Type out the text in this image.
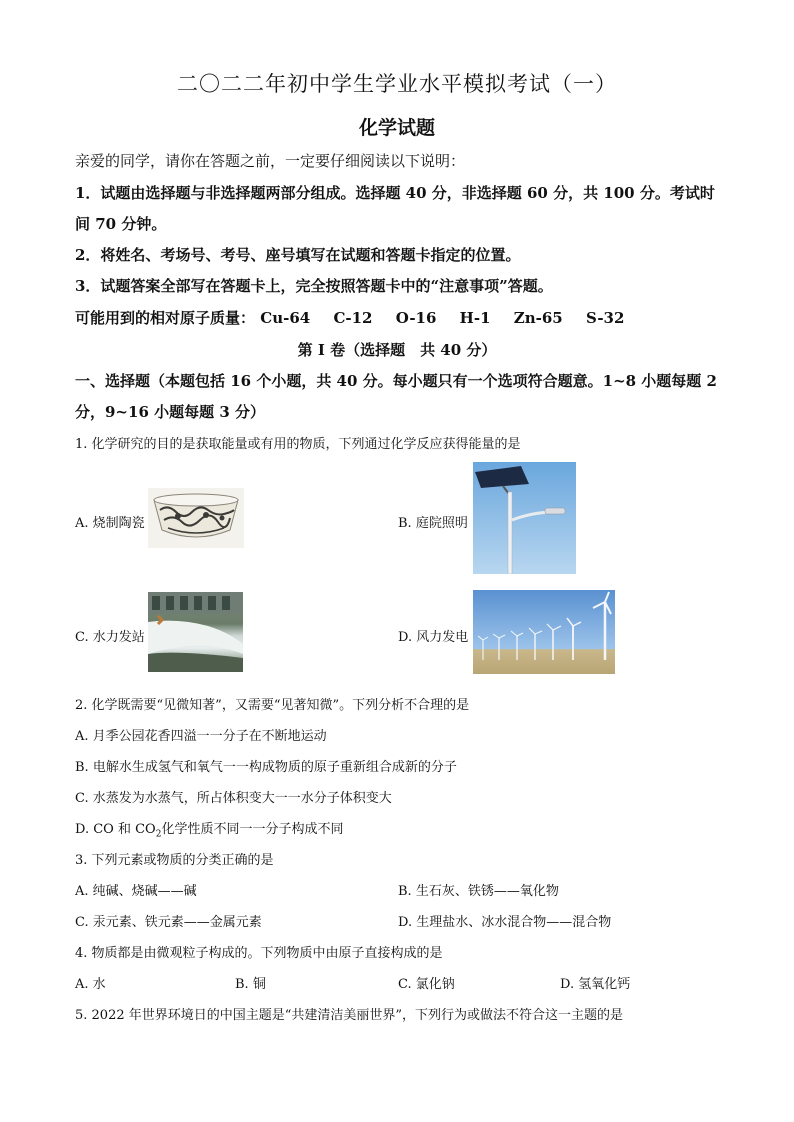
二〇二二年初中学生学业水平模拟考试（一）
化学试题
亲爱的同学，请你在答题之前，一定要仔细阅读以下说明：
1．试题由选择题与非选择题两部分组成。选择题 40 分，非选择题 60 分，共 100 分。考试时
间 70 分钟。
2．将姓名、考场号、考号、座号填写在试题和答题卡指定的位置。
3．试题答案全部写在答题卡上，完全按照答题卡中的“注意事项”答题。
可能用到的相对原子质量： Cu-64 C-12 O-16 H-1 Zn-65 S-32
第 I 卷（选择题　共 40 分）
一、选择题（本题包括 16 个小题，共 40 分。每小题只有一个选项符合题意。1~8 小题每题 2
分，9~16 小题每题 3 分）
1. 化学研究的目的是获取能量或有用的物质，下列通过化学反应获得能量的是
A. 烧制陶瓷	B. 庭院照明
C. 水力发站	D. 风力发电
2. 化学既需要“见微知著”，又需要“见著知微”。下列分析不合理的是
A. 月季公园花香四溢一一分子在不断地运动
B. 电解水生成氢气和氧气一一构成物质的原子重新组合成新的分子
C. 水蒸发为水蒸气，所占体积变大一一水分子体积变大
D. CO 和 $CO_2$化学性质不同一一分子构成不同
3. 下列元素或物质的分类正确的是
A. 纯碱、烧碱——碱	B. 生石灰、铁锈——氧化物
C. 汞元素、铁元素——金属元素	D. 生理盐水、冰水混合物——混合物
4. 物质都是由微观粒子构成的。下列物质中由原子直接构成的是
A. 水	B. 铜	C. 氯化钠	D. 氢氧化钙
5. 2022 年世界环境日的中国主题是“共建清洁美丽世界”，下列行为或做法不符合这一主题的是
